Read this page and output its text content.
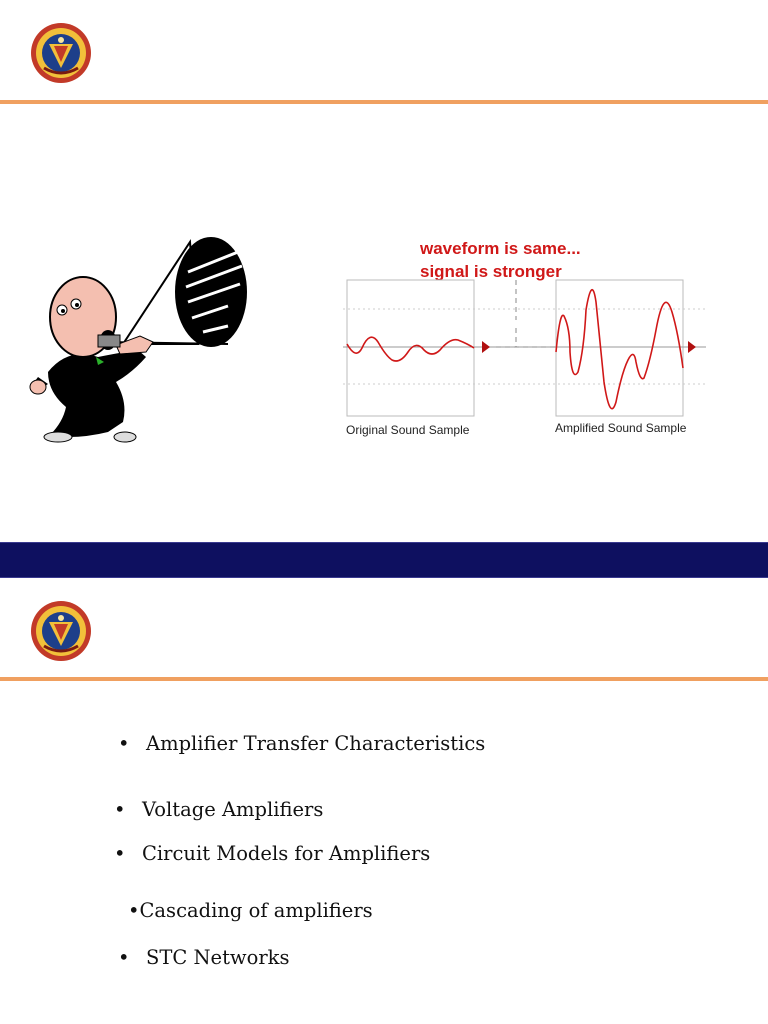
waveform is same...
signal is stronger
Original Sound Sample	Amplified Sound Sample
• Amplifier Transfer Characteristics
• Voltage Amplifiers
• Circuit Models for Amplifiers
•Cascading of amplifiers
• STC Networks
